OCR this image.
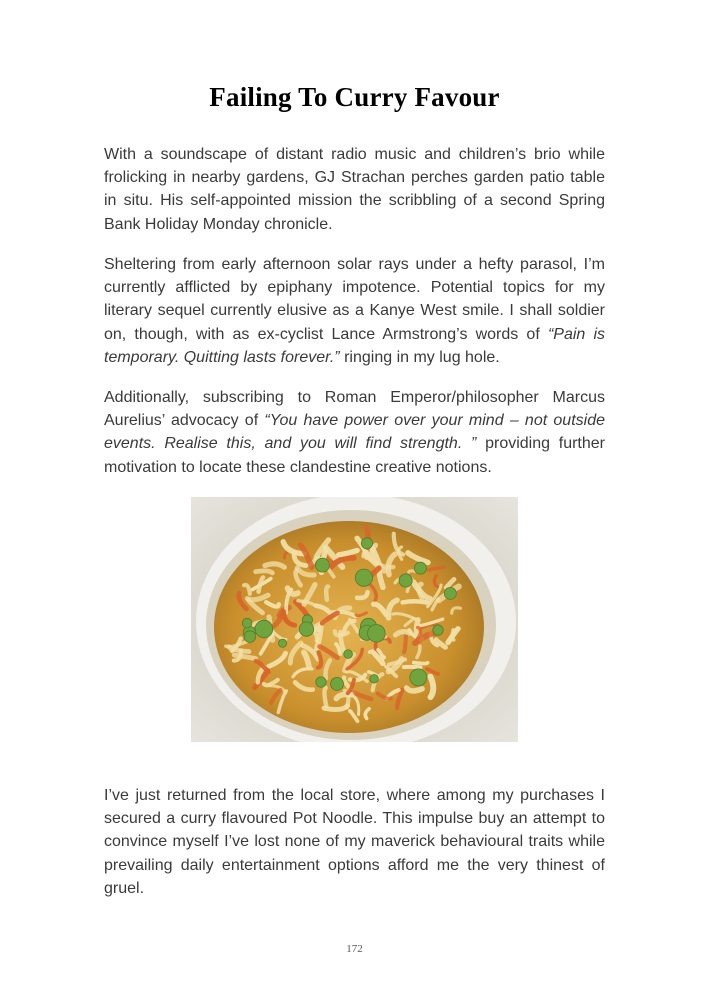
Failing To Curry Favour

With a soundscape of distant radio music and children’s brio while frolicking in nearby gardens, GJ Strachan perches garden patio table in situ. His self-appointed mission the scribbling of a second Spring Bank Holiday Monday chronicle.

Sheltering from early afternoon solar rays under a hefty parasol, I’m currently afflicted by epiphany impotence. Potential topics for my literary sequel currently elusive as a Kanye West smile. I shall soldier on, though, with as ex-cyclist Lance Armstrong’s words of “Pain is temporary. Quitting lasts forever.” ringing in my lug hole.

Additionally, subscribing to Roman Emperor/philosopher Marcus Aurelius’ advocacy of “You have power over your mind – not outside events. Realise this, and you will find strength. ” providing further motivation to locate these clandestine creative notions.

I’ve just returned from the local store, where among my purchases I secured a curry flavoured Pot Noodle. This impulse buy an attempt to convince myself I’ve lost none of my maverick behavioural traits while prevailing daily entertainment options afford me the very thinest of gruel.

172
